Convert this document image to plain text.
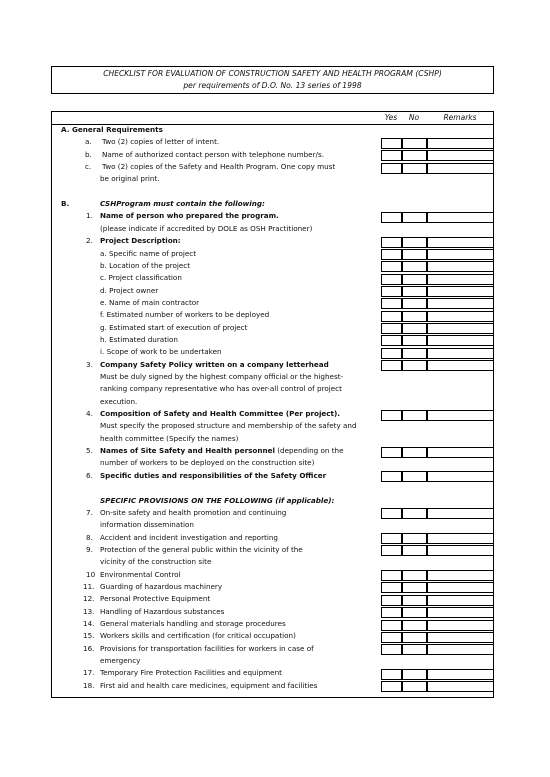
CHECKLIST FOR EVALUATION OF CONSTRUCTION SAFETY AND HEALTH PROGRAM (CSHP)
per requirements of D.O. No. 13 series of 1998
Yes	No	Remarks
A. General Requirements
a. Two (2) copies of letter of intent.
b. Name of authorized contact person with telephone number/s.
c. Two (2) copies of the Safety and Health Program. One copy must
be original print.
B.	CSHProgram must contain the following:
1. Name of person who prepared the program.
(please indicate if accredited by DOLE as OSH Practitioner)
2. Project Description:
a. Specific name of project
b. Location of the project
c. Project classification
d. Project owner
e. Name of main contractor
f. Estimated number of workers to be deployed
g. Estimated start of execution of project
h. Estimated duration
i. Scope of work to be undertaken
3. Company Safety Policy written on a company letterhead
Must be duly signed by the highest company official or the highest-
ranking company representative who has over-all control of project
execution.
4. Composition of Safety and Health Committee (Per project).
Must specify the proposed structure and membership of the safety and
health committee (Specify the names)
5. Names of Site Safety and Health personnel (depending on the
number of workers to be deployed on the construction site)
6. Specific duties and responsibilities of the Safety Officer
SPECIFIC PROVISIONS ON THE FOLLOWING (if applicable):
7. On-site safety and health promotion and continuing
information dissemination
8. Accident and incident investigation and reporting
9. Protection of the general public within the vicinity of the
vicinity of the construction site
10 Environmental Control
11. Guarding of hazardous machinery
12. Personal Protective Equipment
13. Handling of Hazardous substances
14. General materials handling and storage procedures
15. Workers skills and certification (for critical occupation)
16. Provisions for transportation facilities for workers in case of
emergency
17. Temporary Fire Protection Facilities and equipment
18. First aid and health care medicines, equipment and facilities
